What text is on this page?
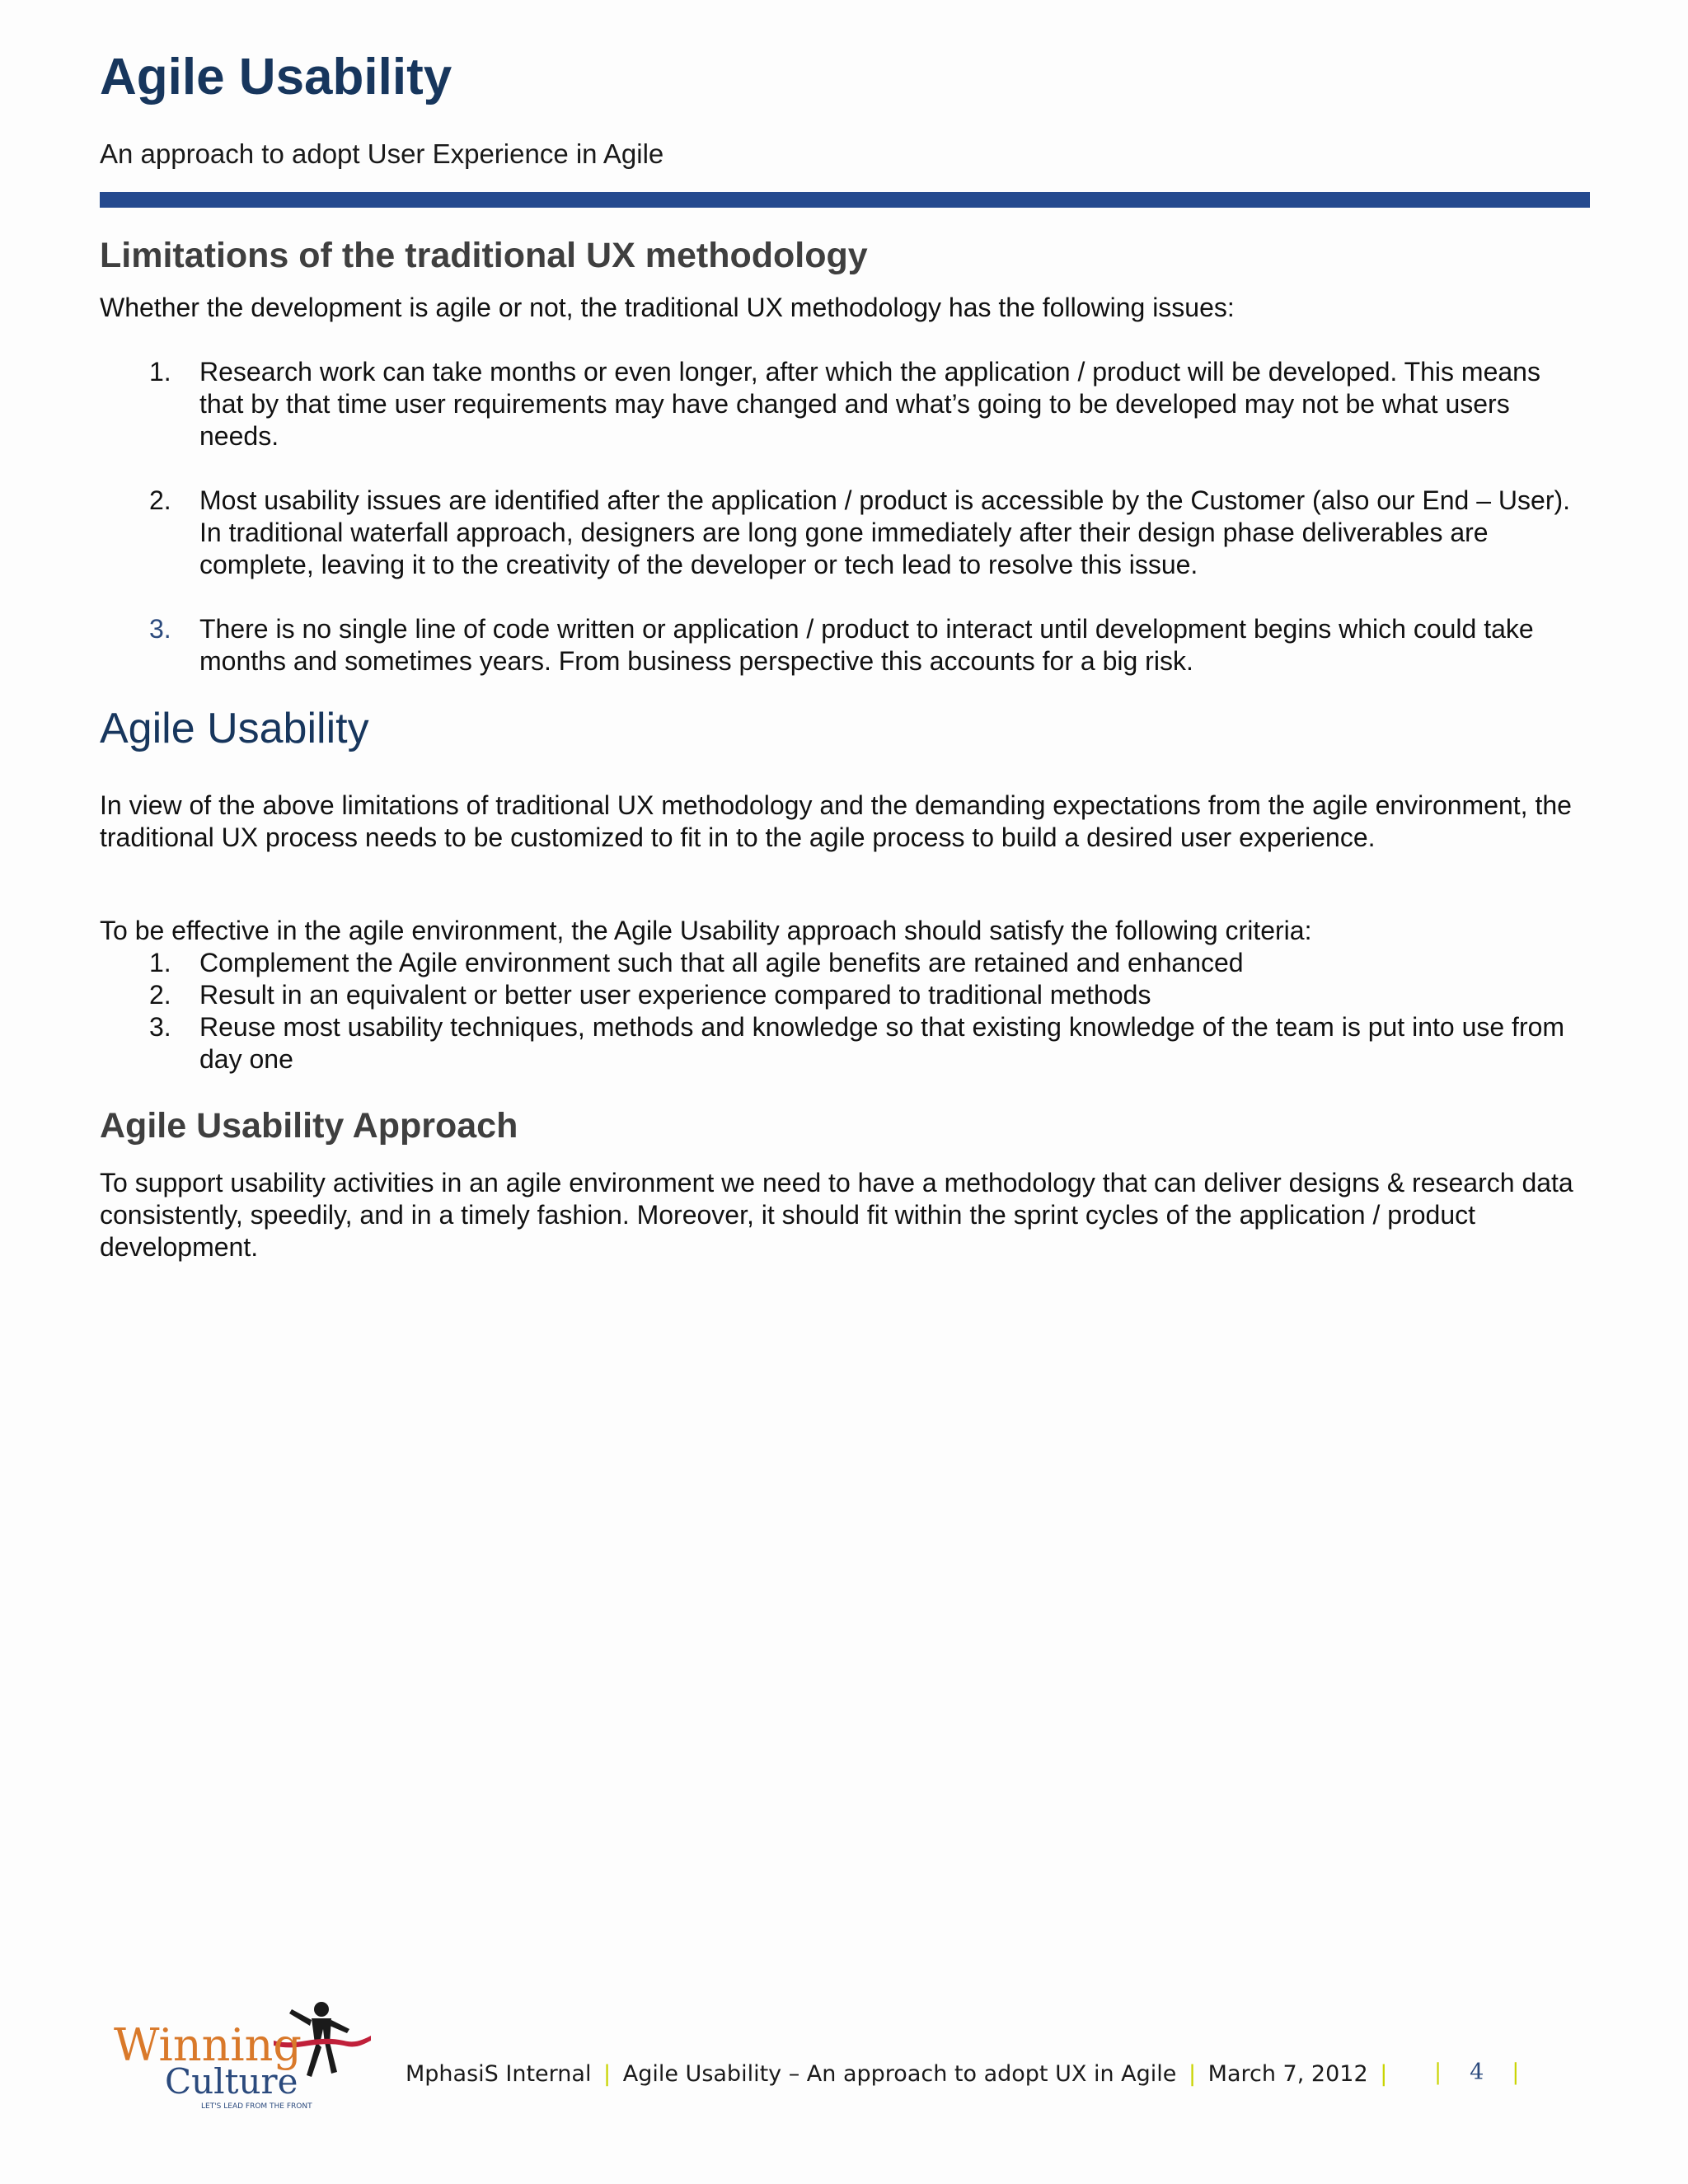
Agile Usability

An approach to adopt User Experience in Agile

Limitations of the traditional UX methodology

Whether the development is agile or not, the traditional UX methodology has the following issues:

1.	Research work can take months or even longer, after which the application / product will be developed. This means that by that time user requirements may have changed and what’s going to be developed may not be what users needs.
2.	Most usability issues are identified after the application / product is accessible by the Customer (also our End – User). In traditional waterfall approach, designers are long gone immediately after their design phase deliverables are complete, leaving it to the creativity of the developer or tech lead to resolve this issue.
3.	There is no single line of code written or application / product to interact until development begins which could take months and sometimes years. From business perspective this accounts for a big risk.
Agile Usability

In view of the above limitations of traditional UX methodology and the demanding expectations from the agile environment, the traditional UX process needs to be customized to fit in to the agile process to build a desired user experience.

To be effective in the agile environment, the Agile Usability approach should satisfy the following criteria:

1.	Complement the Agile environment such that all agile benefits are retained and enhanced
2.	Result in an equivalent or better user experience compared to traditional methods
3.	Reuse most usability techniques, methods and knowledge so that existing knowledge of the team is put into use from day one
Agile Usability Approach

To support usability activities in an agile environment we need to have a methodology that can deliver designs & research data consistently, speedily, and in a timely fashion. Moreover, it should fit within the sprint cycles of the application / product development.

Winning
Culture
LET'S LEAD FROM THE FRONT
MphasiS Internal | Agile Usability – An approach to adopt UX in Agile | March 7, 2012 | | 4 |
